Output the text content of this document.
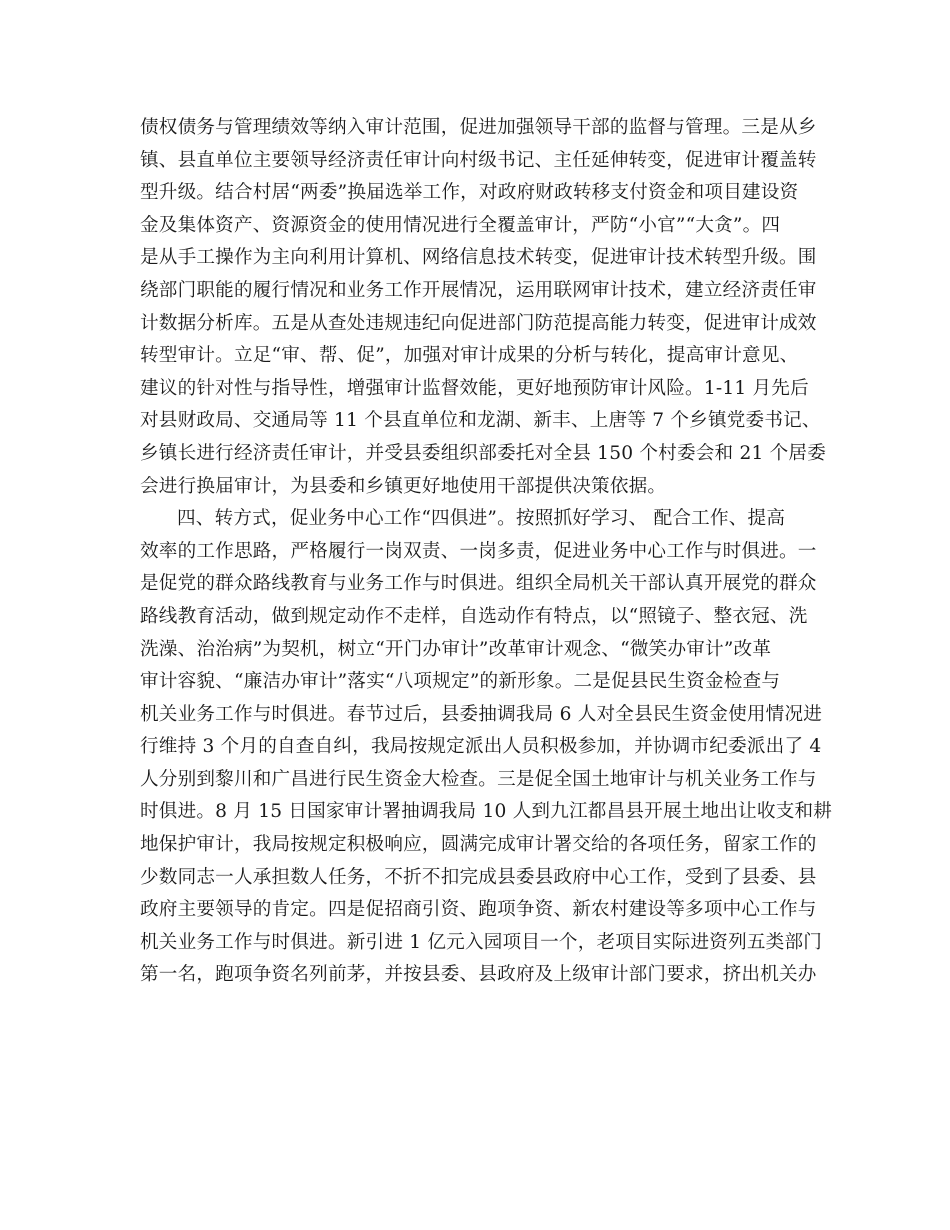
债权债务与管理绩效等纳入审计范围，促进加强领导干部的监督与管理。三是从乡
镇、县直单位主要领导经济责任审计向村级书记、主任延伸转变，促进审计覆盖转
型升级。结合村居“两委”换届选举工作，对政府财政转移支付资金和项目建设资
金及集体资产、资源资金的使用情况进行全覆盖审计，严防“小官”“大贪”。四
是从手工操作为主向利用计算机、网络信息技术转变，促进审计技术转型升级。围
绕部门职能的履行情况和业务工作开展情况，运用联网审计技术，建立经济责任审
计数据分析库。五是从查处违规违纪向促进部门防范提高能力转变，促进审计成效
转型审计。立足“审、帮、促”，加强对审计成果的分析与转化，提高审计意见、
建议的针对性与指导性，增强审计监督效能，更好地预防审计风险。1-11 月先后
对县财政局、交通局等 11 个县直单位和龙湖、新丰、上唐等 7 个乡镇党委书记、
乡镇长进行经济责任审计，并受县委组织部委托对全县 150 个村委会和 21 个居委
会进行换届审计，为县委和乡镇更好地使用干部提供决策依据。
四、转方式，促业务中心工作“四俱进”。按照抓好学习、 配合工作、提高
效率的工作思路，严格履行一岗双责、一岗多责，促进业务中心工作与时俱进。一
是促党的群众路线教育与业务工作与时俱进。组织全局机关干部认真开展党的群众
路线教育活动，做到规定动作不走样，自选动作有特点，以“照镜子、整衣冠、洗
洗澡、治治病”为契机，树立“开门办审计”改革审计观念、“微笑办审计”改革
审计容貌、“廉洁办审计”落实“八项规定”的新形象。二是促县民生资金检查与
机关业务工作与时俱进。春节过后，县委抽调我局 6 人对全县民生资金使用情况进
行维持 3 个月的自查自纠，我局按规定派出人员积极参加，并协调市纪委派出了 4
人分别到黎川和广昌进行民生资金大检查。三是促全国土地审计与机关业务工作与
时俱进。8 月 15 日国家审计署抽调我局 10 人到九江都昌县开展土地出让收支和耕
地保护审计，我局按规定积极响应，圆满完成审计署交给的各项任务，留家工作的
少数同志一人承担数人任务，不折不扣完成县委县政府中心工作，受到了县委、县
政府主要领导的肯定。四是促招商引资、跑项争资、新农村建设等多项中心工作与
机关业务工作与时俱进。新引进 1 亿元入园项目一个，老项目实际进资列五类部门
第一名，跑项争资名列前茅，并按县委、县政府及上级审计部门要求，挤出机关办
